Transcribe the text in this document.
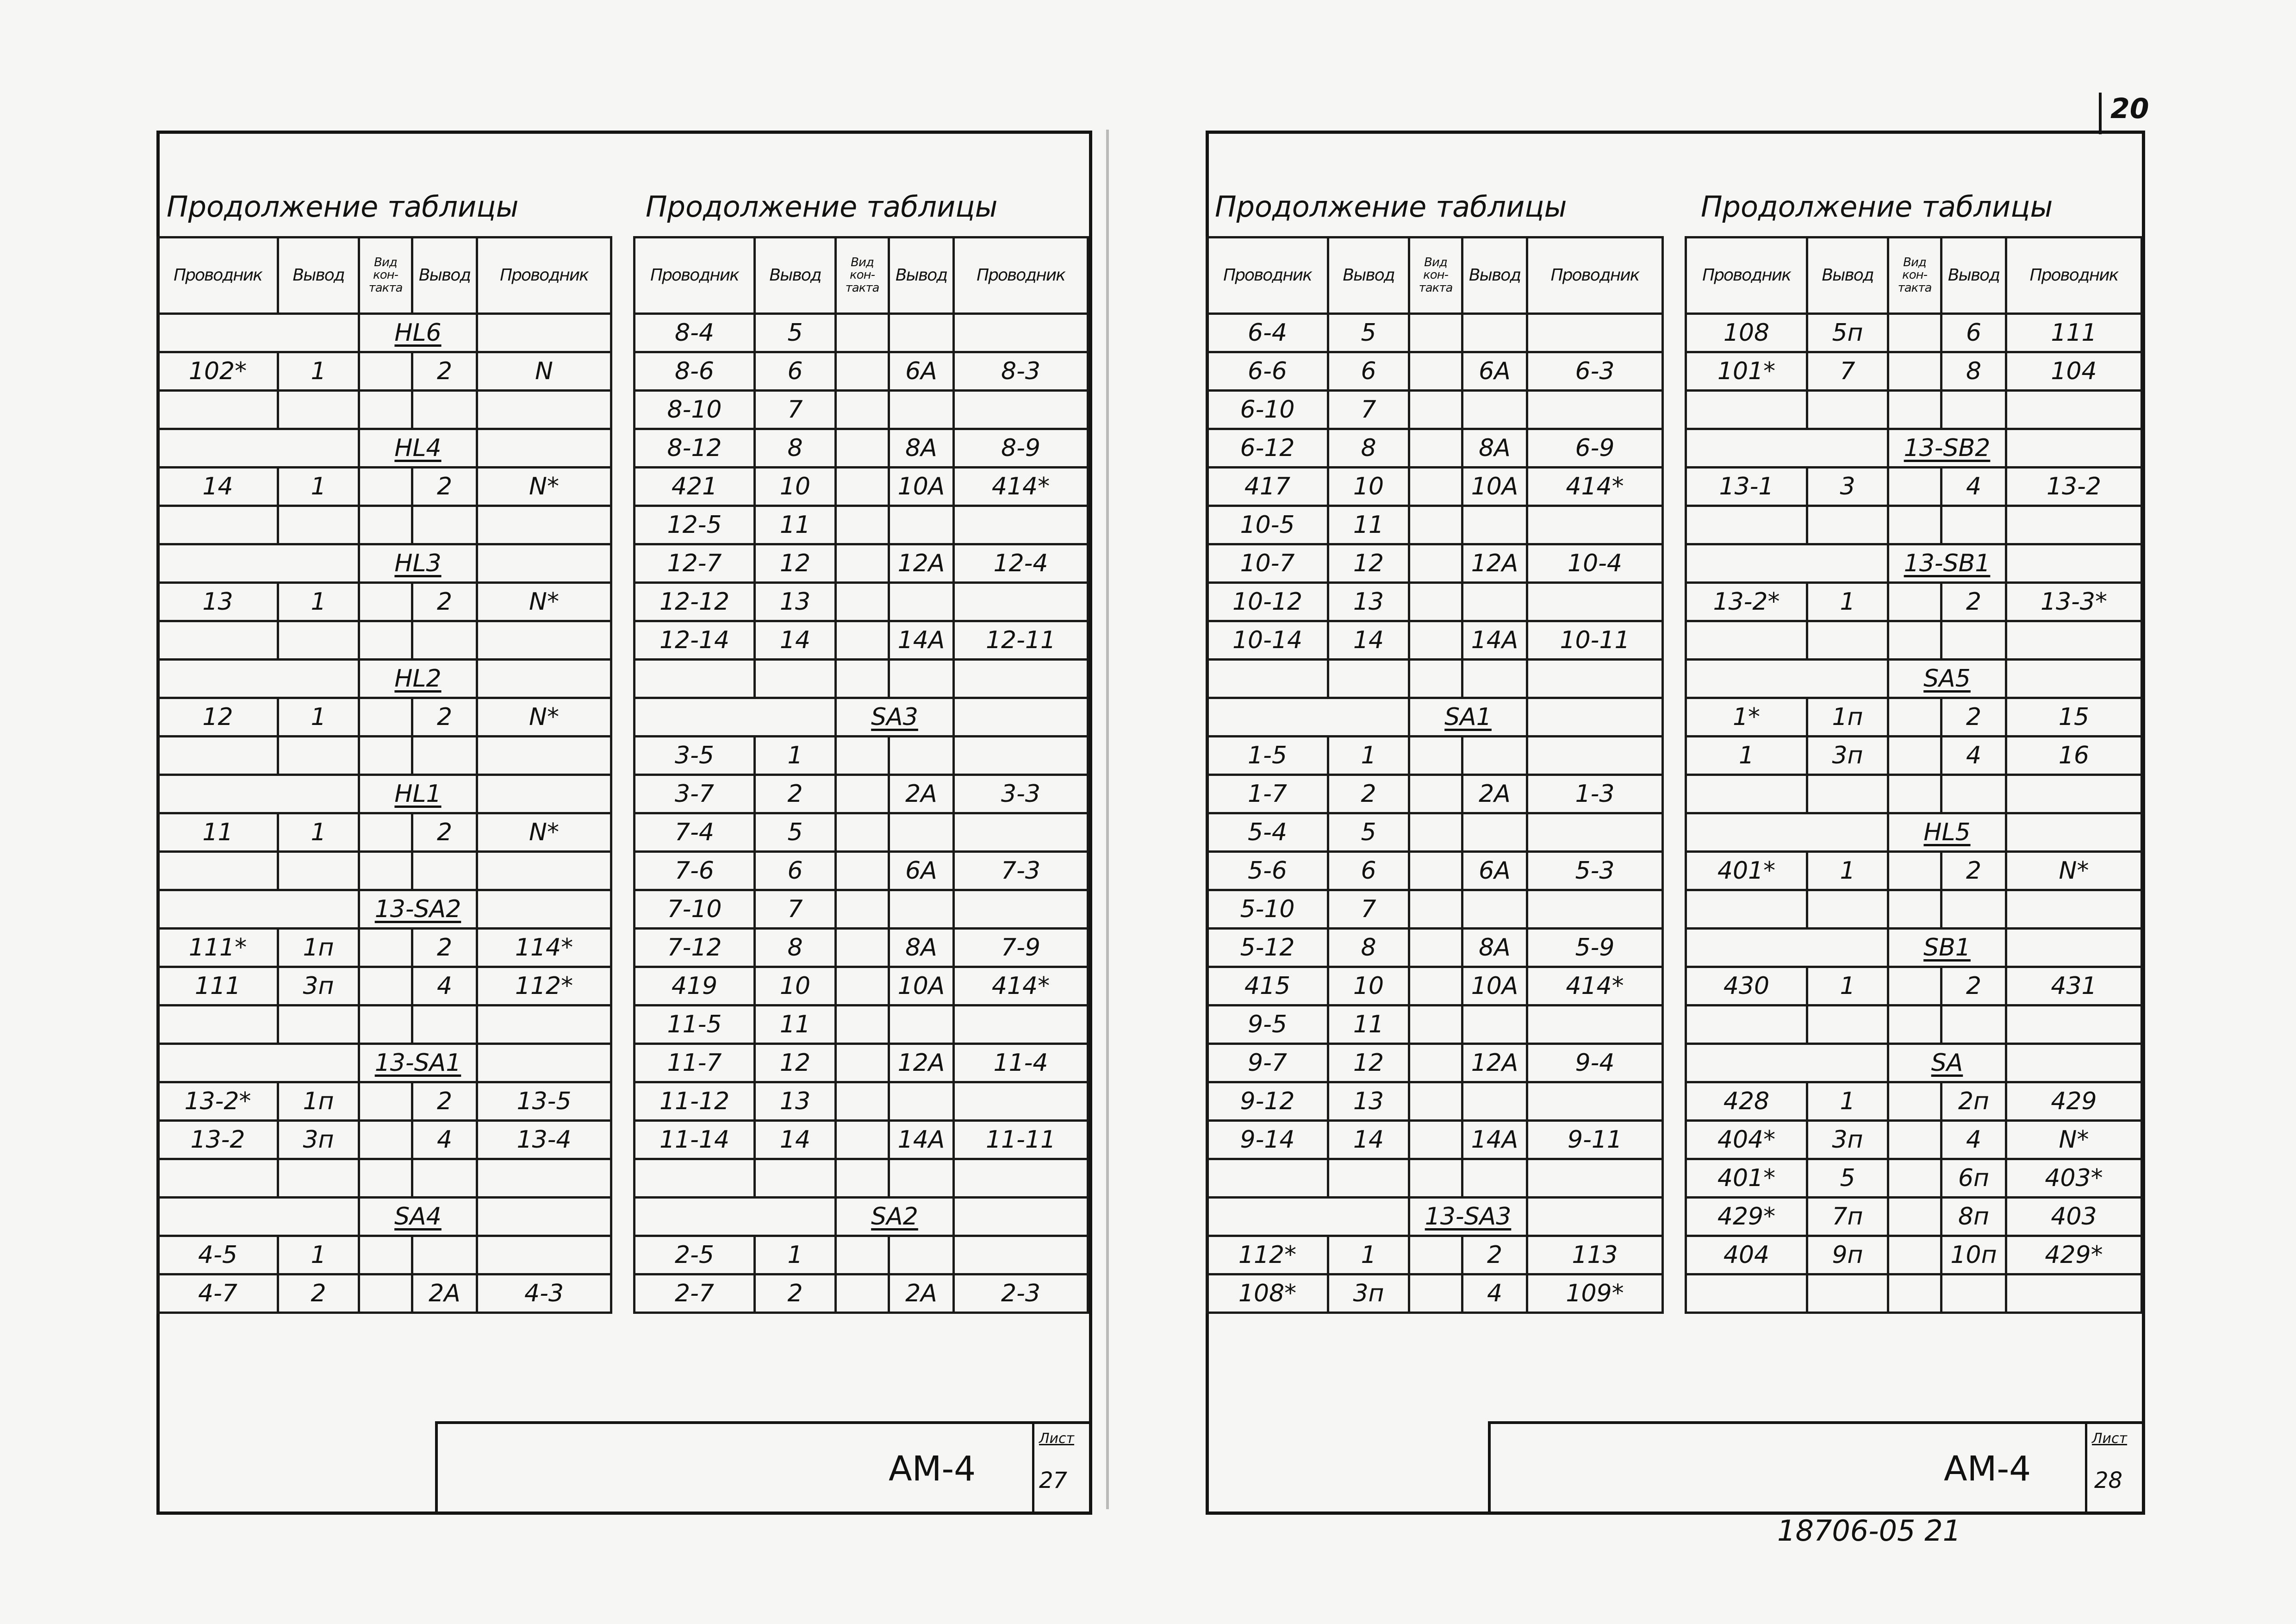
20
Продолжение таблицы	Продолжение таблицы
Проводник	Вывод	Вид кон-такта	Вывод	Проводник
		HL6		
102*	1		2	N

		HL4		
14	1		2	N*

		HL3		
13	1		2	N*

		HL2		
12	1		2	N*

		HL1		
11	1		2	N*

		13-SA2		
111*	1п		2	114*
111	3п		4	112*

		13-SA1		
13-2*	1п		2	13-5
13-2	3п		4	13-4

		SA4		
4-5	1			
4-7	2		2А	4-3
Проводник	Вывод	Вид кон-такта	Вывод	Проводник
8-4	5			
8-6	6		6А	8-3
8-10	7			
8-12	8		8А	8-9
421	10		10А	414*
12-5	11			
12-7	12		12А	12-4
12-12	13			
12-14	14		14А	12-11

		SA3		
3-5	1			
3-7	2		2А	3-3
7-4	5			
7-6	6		6А	7-3
7-10	7			
7-12	8		8А	7-9
419	10		10А	414*
11-5	11			
11-7	12		12А	11-4
11-12	13			
11-14	14		14А	11-11

		SA2		
2-5	1			
2-7	2		2А	2-3
АМ-4
Лист
27
Продолжение таблицы	Продолжение таблицы
Проводник	Вывод	Вид кон-такта	Вывод	Проводник
6-4	5			
6-6	6		6А	6-3
6-10	7			
6-12	8		8А	6-9
417	10		10А	414*
10-5	11			
10-7	12		12А	10-4
10-12	13			
10-14	14		14А	10-11

		SA1		
1-5	1			
1-7	2		2А	1-3
5-4	5			
5-6	6		6А	5-3
5-10	7			
5-12	8		8А	5-9
415	10		10А	414*
9-5	11			
9-7	12		12А	9-4
9-12	13			
9-14	14		14А	9-11

		13-SA3		
112*	1		2	113
108*	3п		4	109*
Проводник	Вывод	Вид кон-такта	Вывод	Проводник
108	5п		6	111
101*	7		8	104

		13-SB2		
13-1	3		4	13-2

		13-SB1		
13-2*	1		2	13-3*

		SA5		
1*	1п		2	15
1	3п		4	16

		HL5		
401*	1		2	N*

		SB1		
430	1		2	431

		SA		
428	1		2п	429
404*	3п		4	N*
401*	5		6п	403*
429*	7п		8п	403
404	9п		10п	429*

АМ-4
Лист
28
18706-05 21
